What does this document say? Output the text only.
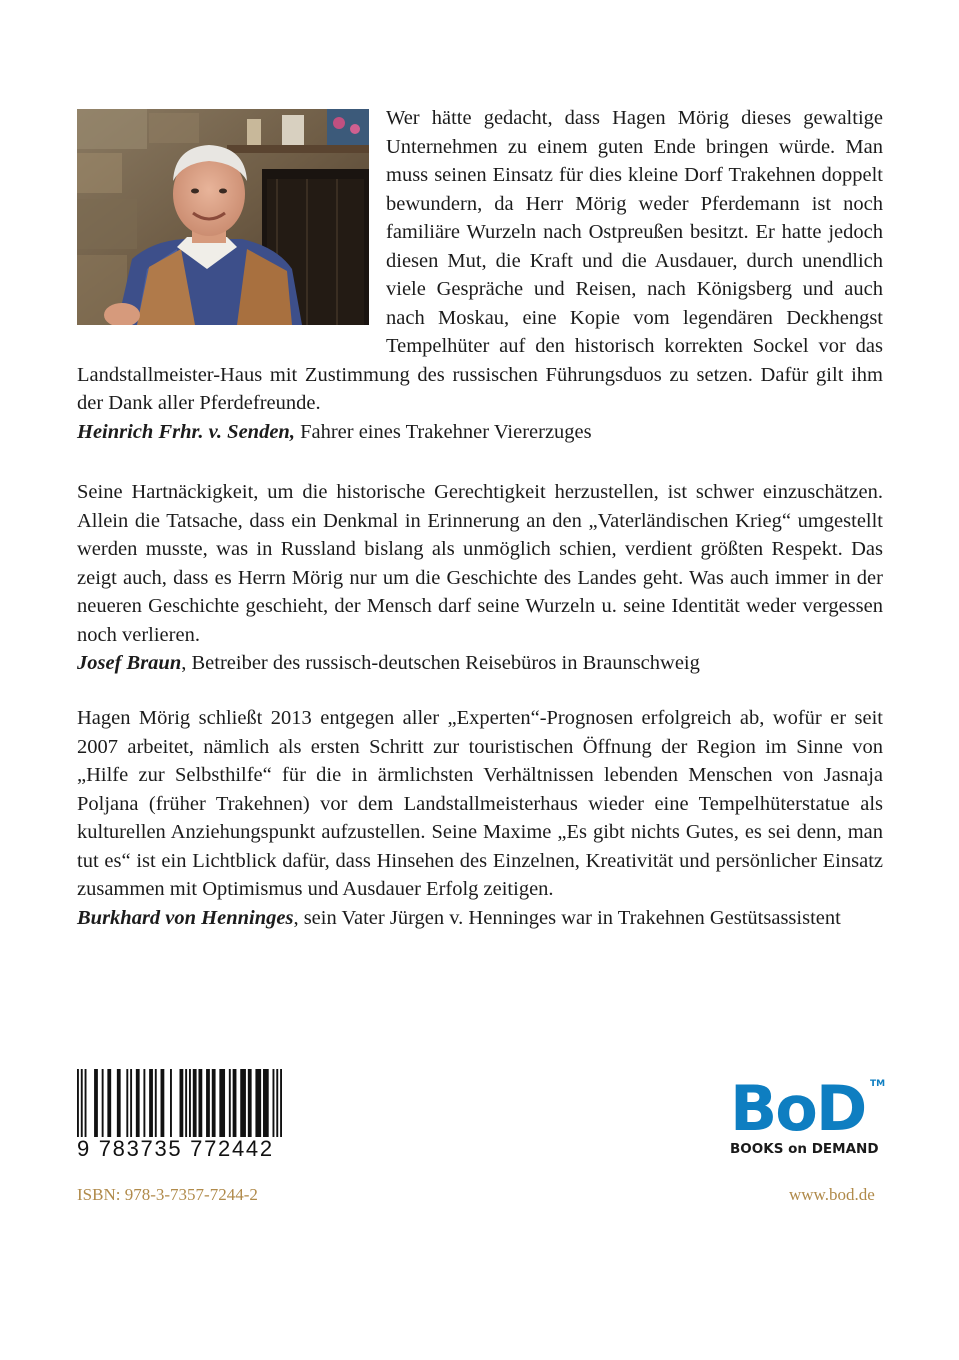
Wer hätte gedacht, dass Hagen Mörig dieses gewaltige Unternehmen zu einem guten Ende bringen würde. Man muss seinen Einsatz für dies kleine Dorf Trakehnen doppelt bewundern, da Herr Mörig weder Pferdemann ist noch familiäre Wurzeln nach Ostpreußen besitzt. Er hatte jedoch diesen Mut, die Kraft und die Ausdauer, durch unendlich viele Gespräche und Reisen, nach Königsberg und auch nach Moskau, eine Kopie vom legendären Deckhengst Tempelhüter auf den historisch korrekten Sockel vor das Landstallmeister-Haus mit Zustimmung des russischen Führungsduos zu setzen. Dafür gilt ihm der Dank aller Pferdefreunde.

Heinrich Frhr. v. Senden, Fahrer eines Trakehner Viererzuges

Seine Hartnäckigkeit, um die historische Gerechtigkeit herzustellen, ist schwer einzuschätzen. Allein die Tatsache, dass ein Denkmal in Erinnerung an den „Vaterländischen Krieg“ umgestellt werden musste, was in Russland bislang als unmöglich schien, verdient größten Respekt. Das zeigt auch, dass es Herrn Mörig nur um die Geschichte des Landes geht. Was auch immer in der neueren Geschichte geschieht, der Mensch darf seine Wurzeln u. seine Identität weder vergessen noch verlieren.

Josef Braun, Betreiber des russisch-deutschen Reisebüros in Braunschweig

Hagen Mörig schließt 2013 entgegen aller „Experten“-Prognosen erfolgreich ab, wofür er seit 2007 arbeitet, nämlich als ersten Schritt zur touristischen Öffnung der Region im Sinne von „Hilfe zur Selbsthilfe“ für die in ärmlichsten Verhältnissen lebenden Menschen von Jasnaja Poljana (früher Trakehnen) vor dem Landstallmeisterhaus wieder eine Tempelhüterstatue als kulturellen Anziehungspunkt aufzustellen. Seine Maxime „Es gibt nichts Gutes, es sei denn, man tut es“ ist ein Lichtblick dafür, dass Hinsehen des Einzelnen, Kreativität und persönlicher Einsatz zusammen mit Optimismus und Ausdauer Erfolg zeitigen.

Burkhard von Henninges, sein Vater Jürgen v. Henninges war in Trakehnen Gestütsassistent
9 783735 772442
ISBN: 978-3-7357-7244-2
BoD TM
BOOKS on DEMAND
www.bod.de
